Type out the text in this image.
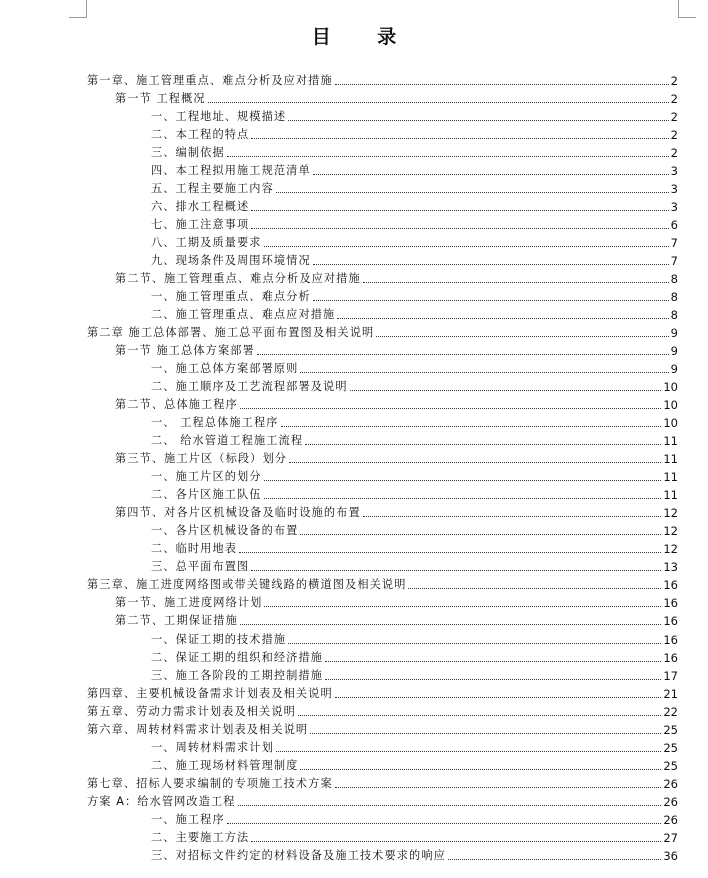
目 录
第一章、施工管理重点、难点分析及应对措施	2
第一节 工程概况	2
一、工程地址、规模描述	2
二、本工程的特点	2
三、编制依据	2
四、本工程拟用施工规范清单	3
五、工程主要施工内容	3
六、排水工程概述	3
七、施工注意事项	6
八、工期及质量要求	7
九、现场条件及周围环境情况	7
第二节、施工管理重点、难点分析及应对措施	8
一、施工管理重点、难点分析	8
二、施工管理重点、难点应对措施	8
第二章 施工总体部署、施工总平面布置图及相关说明	9
第一节 施工总体方案部署	9
一、施工总体方案部署原则	9
二、施工顺序及工艺流程部署及说明	10
第二节、总体施工程序	10
一、 工程总体施工程序	10
二、 给水管道工程施工流程	11
第三节、施工片区（标段）划分	11
一、施工片区的划分	11
二、各片区施工队伍	11
第四节、对各片区机械设备及临时设施的布置	12
一、各片区机械设备的布置	12
二、临时用地表	12
三、总平面布置图	13
第三章、施工进度网络图或带关键线路的横道图及相关说明	16
第一节、施工进度网络计划	16
第二节、工期保证措施	16
一、保证工期的技术措施	16
二、保证工期的组织和经济措施	16
三、施工各阶段的工期控制措施	17
第四章、主要机械设备需求计划表及相关说明	21
第五章、劳动力需求计划表及相关说明	22
第六章、周转材料需求计划表及相关说明	25
一、周转材料需求计划	25
二、施工现场材料管理制度	25
第七章、招标人要求编制的专项施工技术方案	26
方案 A：给水管网改造工程	26
一、施工程序	26
二、主要施工方法	27
三、对招标文件约定的材料设备及施工技术要求的响应	36
